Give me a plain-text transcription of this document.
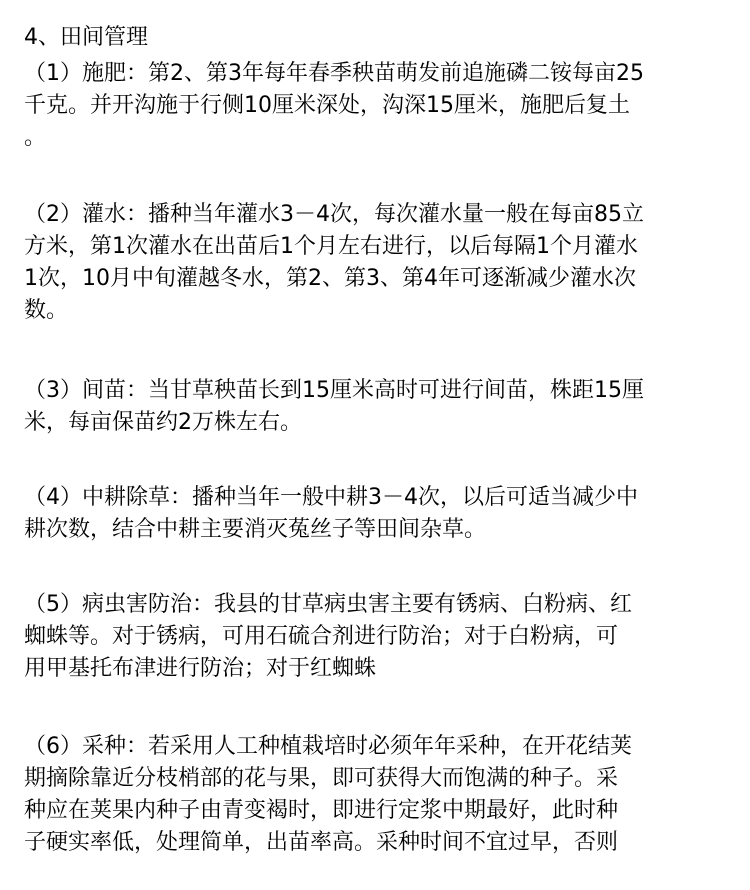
4、田间管理

（1）施肥：第2、第3年每年春季秧苗萌发前追施磷二铵每亩25
千克。并开沟施于行侧10厘米深处，沟深15厘米，施肥后复土
。

（2）灌水：播种当年灌水3－4次，每次灌水量一般在每亩85立
方米，第1次灌水在出苗后1个月左右进行，以后每隔1个月灌水
1次，10月中旬灌越冬水，第2、第3、第4年可逐渐减少灌水次
数。

（3）间苗：当甘草秧苗长到15厘米高时可进行间苗，株距15厘
米，每亩保苗约2万株左右。

（4）中耕除草：播种当年一般中耕3－4次，以后可适当减少中
耕次数，结合中耕主要消灭菟丝子等田间杂草。

（5）病虫害防治：我县的甘草病虫害主要有锈病、白粉病、红
蜘蛛等。对于锈病，可用石硫合剂进行防治；对于白粉病，可
用甲基托布津进行防治；对于红蜘蛛

（6）采种：若采用人工种植栽培时必须年年采种，在开花结荚
期摘除靠近分枝梢部的花与果，即可获得大而饱满的种子。采
种应在荚果内种子由青变褐时，即进行定浆中期最好，此时种
子硬实率低，处理简单，出苗率高。采种时间不宜过早，否则
